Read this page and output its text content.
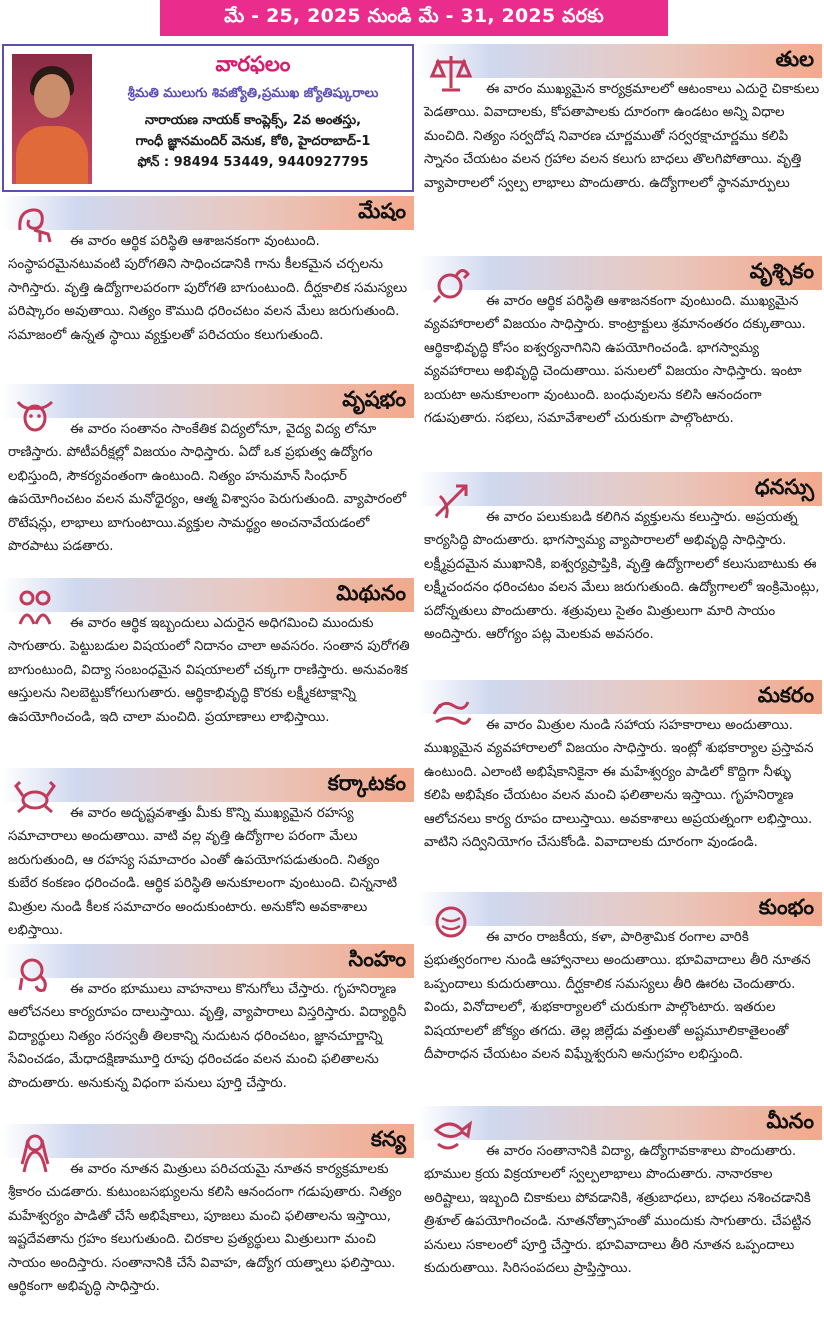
మే - 25, 2025 నుండి మే - 31, 2025 వరకు
వారఫలం
శ్రీమతి ములుగు శివజ్యోతి,ప్రముఖ జ్యోతిష్కురాలు
నారాయణ నాయక్ కాంప్లెక్స్, 2వ అంతస్తు,
గాంధీ జ్ఞానమందిర్ వెనుక, కోఠి, హైదరాబాద్-1
ఫోన్ : 98494 53449, 9440927795
మేషం
ఈ వారం ఆర్థిక పరిస్థితి ఆశాజనకంగా వుంటుంది. సంస్థాపరమైనటువంటి పురోగతిని సాధించడానికి గాను కీలకమైన చర్చలను సాగిస్తారు. వృత్తి ఉద్యోగాలపరంగా పురోగతి బాగుంటుంది. దీర్ఘకాలిక సమస్యలు పరిష్కారం అవుతాయి. నిత్యం కౌముది ధరించటం వలన మేలు జరుగుతుంది. సమాజంలో ఉన్నత స్థాయి వ్యక్తులతో పరిచయం కలుగుతుంది.
వృషభం
ఈ వారం సంతానం సాంకేతిక విద్యలోనూ, వైద్య విద్య లోనూ రాణిస్తారు. పోటీపరీక్షల్లో విజయం సాధిస్తారు. ఏదో ఒక ప్రభుత్వ ఉద్యోగం లభిస్తుంది, సౌకర్యవంతంగా ఉంటుంది. నిత్యం హనుమాన్ సింధూర్ ఉపయోగించటం వలన మనోధైర్యం, ఆత్మ విశ్వాసం పెరుగుతుంది. వ్యాపారంలో రొటేషన్లు, లాభాలు బాగుంటాయి.వ్యక్తుల సామర్థ్యం అంచనావేయడంలో పొరపాటు పడతారు.
మిథునం
ఈ వారం ఆర్థిక ఇబ్బందులు ఎదురైన అధిగమించి ముందుకు సాగుతారు. పెట్టుబడుల విషయంలో నిదానం చాలా అవసరం. సంతాన పురోగతి బాగుంటుంది, విద్యా సంబంధమైన విషయాలలో చక్కగా రాణిస్తారు. అనువంశిక ఆస్తులను నిలబెట్టుకోగలుగుతారు. ఆర్థికాభివృద్ధి కొరకు లక్ష్మీకటాక్షాన్ని ఉపయోగించండి, ఇది చాలా మంచిది. ప్రయాణాలు లాభిస్తాయి.
కర్కాటకం
ఈ వారం అదృష్టవశాత్తు మీకు కొన్ని ముఖ్యమైన రహస్య సమాచారాలు అందుతాయి. వాటి వల్ల వృత్తి ఉద్యోగాల పరంగా మేలు జరుగుతుంది, ఆ రహస్య సమాచారం ఎంతో ఉపయోగపడుతుంది. నిత్యం కుబేర కంకణం ధరించండి. ఆర్థిక పరిస్థితి అనుకూలంగా వుంటుంది. చిన్ననాటి మిత్రుల నుండి కీలక సమాచారం అందుకుంటారు. అనుకోని అవకాశాలు లభిస్తాయి.
సింహం
ఈ వారం భూములు వాహనాలు కొనుగోలు చేస్తారు. గృహనిర్మాణ ఆలోచనలు కార్యరూపం దాలుస్తాయి. వృత్తి, వ్యాపారాలు విస్తరిస్తారు. విద్యార్థినీ విద్యార్థులు నిత్యం సరస్వతీ తిలకాన్ని నుదుటన ధరించటం, జ్ఞానచూర్ణాన్ని సేవించడం, మేధాదక్షిణామూర్తి రూపు ధరించడం వలన మంచి ఫలితాలను పొందుతారు. అనుకున్న విధంగా పనులు పూర్తి చేస్తారు.
కన్య
ఈ వారం నూతన మిత్రులు పరిచయమై నూతన కార్యక్రమాలకు శ్రీకారం చుడతారు. కుటుంబసభ్యులను కలిసి ఆనందంగా గడుపుతారు. నిత్యం మహేశ్వర్యం పాడితో చేసే అభిషేకాలు, పూజలు మంచి ఫలితాలను ఇస్తాయి, ఇష్టదేవతాను గ్రహం కలుగుతుంది. చిరకాల ప్రత్యర్థులు మిత్రులుగా మంచి సాయం అందిస్తారు. సంతానానికి చేసే వివాహ, ఉద్యోగ యత్నాలు ఫలిస్తాయి. ఆర్థికంగా అభివృద్ధి సాధిస్తారు.
తుల
ఈ వారం ముఖ్యమైన కార్యక్రమాలలో ఆటంకాలు ఎదురై చికాకులు పెడతాయి. వివాదాలకు, కోపతాపాలకు దూరంగా ఉండటం అన్ని విధాల మంచిది. నిత్యం సర్వదోష నివారణ చూర్ణముతో సర్వరక్షాచూర్ణము కలిపి స్నానం చేయటం వలన గ్రహాల వలన కలుగు బాధలు తొలగిపోతాయి. వృత్తి వ్యాపారాలలో స్వల్ప లాభాలు పొందుతారు. ఉద్యోగాలలో స్థానమార్పులు
వృశ్చికం
ఈ వారం ఆర్థిక పరిస్థితి ఆశాజనకంగా వుంటుంది. ముఖ్యమైన వ్యవహారాలలో విజయం సాధిస్తారు. కాంట్రాక్టులు శ్రమానంతరం దక్కుతాయి. ఆర్థికాభివృద్ధి కోసం ఐశ్వర్యనాగినిని ఉపయోగించండి. భాగస్వామ్య వ్యవహారాలు అభివృద్ధి చెందుతాయి. పనులలో విజయం సాధిస్తారు. ఇంటా బయటా అనుకూలంగా వుంటుంది. బంధువులను కలిసి ఆనందంగా గడుపుతారు. సభలు, సమావేశాలలో చురుకుగా పాల్గొంటారు.
ధనస్సు
ఈ వారం పలుకుబడి కలిగిన వ్యక్తులను కలుస్తారు. అప్రయత్న కార్యసిద్ధి పొందుతారు. భాగస్వామ్య వ్యాపారాలలో అభివృద్ధి సాధిస్తారు. లక్ష్మీప్రదమైన ముఖానికి, ఐశ్వర్యప్రాప్తికి, వృత్తి ఉద్యోగాలలో కలుసుబాటుకు ఈ లక్ష్మీచందనం ధరించటం వలన మేలు జరుగుతుంది. ఉద్యోగాలలో ఇంక్రిమెంట్లు, పదోన్నతులు పొందుతారు. శత్రువులు సైతం మిత్రులుగా మారి సాయం అందిస్తారు. ఆరోగ్యం పట్ల మెలకువ అవసరం.
మకరం
ఈ వారం మిత్రుల నుండి సహాయ సహకారాలు అందుతాయి. ముఖ్యమైన వ్యవహారాలలో విజయం సాధిస్తారు. ఇంట్లో శుభకార్యాల ప్రస్తావన ఉంటుంది. ఎలాంటి అభిషేకానికైనా ఈ మహేశ్వర్యం పాడిలో కొద్దిగా నీళ్ళు కలిపి అభిషేకం చేయటం వలన మంచి ఫలితాలను ఇస్తాయి. గృహనిర్మాణ ఆలోచనలు కార్య రూపం దాలుస్తాయి. అవకాశాలు అప్రయత్నంగా లభిస్తాయి. వాటిని సద్వినియోగం చేసుకోండి. వివాదాలకు దూరంగా వుండండి.
కుంభం
ఈ వారం రాజకీయ, కళా, పారిశ్రామిక రంగాల వారికి ప్రభుత్వరంగాల నుండి ఆహ్వానాలు అందుతాయి. భూవివాదాలు తీరి నూతన ఒప్పందాలు కుదురుతాయి. దీర్ఘకాలిక సమస్యలు తీరి ఊరట చెందుతారు. విందు, వినోదాలలో, శుభకార్యాలలో చురుకుగా పాల్గొంటారు. ఇతరుల విషయాలలో జోక్యం తగదు. తెల్ల జిల్లేడు వత్తులతో అష్టమూలికాతైలంతో దీపారాధన చేయటం వలన విఘ్నేశ్వరుని అనుగ్రహం లభిస్తుంది.
మీనం
ఈ వారం సంతానానికి విద్యా, ఉద్యోగావకాశాలు పొందుతారు. భూముల క్రయ విక్రయాలలో స్వల్పలాభాలు పొందుతారు. నానారకాల అరిష్టాలు, ఇబ్బంది చికాకులు పోవడానికి, శత్రుబాధలు, బాధలు నశించడానికి త్రిశూల్ ఉపయోగించండి. నూతనోత్సాహంతో ముందుకు సాగుతారు. చేపట్టిన పనులు సకాలంలో పూర్తి చేస్తారు. భూవివాదాలు తీరి నూతన ఒప్పందాలు కుదురుతాయి. సిరిసంపదలు ప్రాప్తిస్తాయి.
